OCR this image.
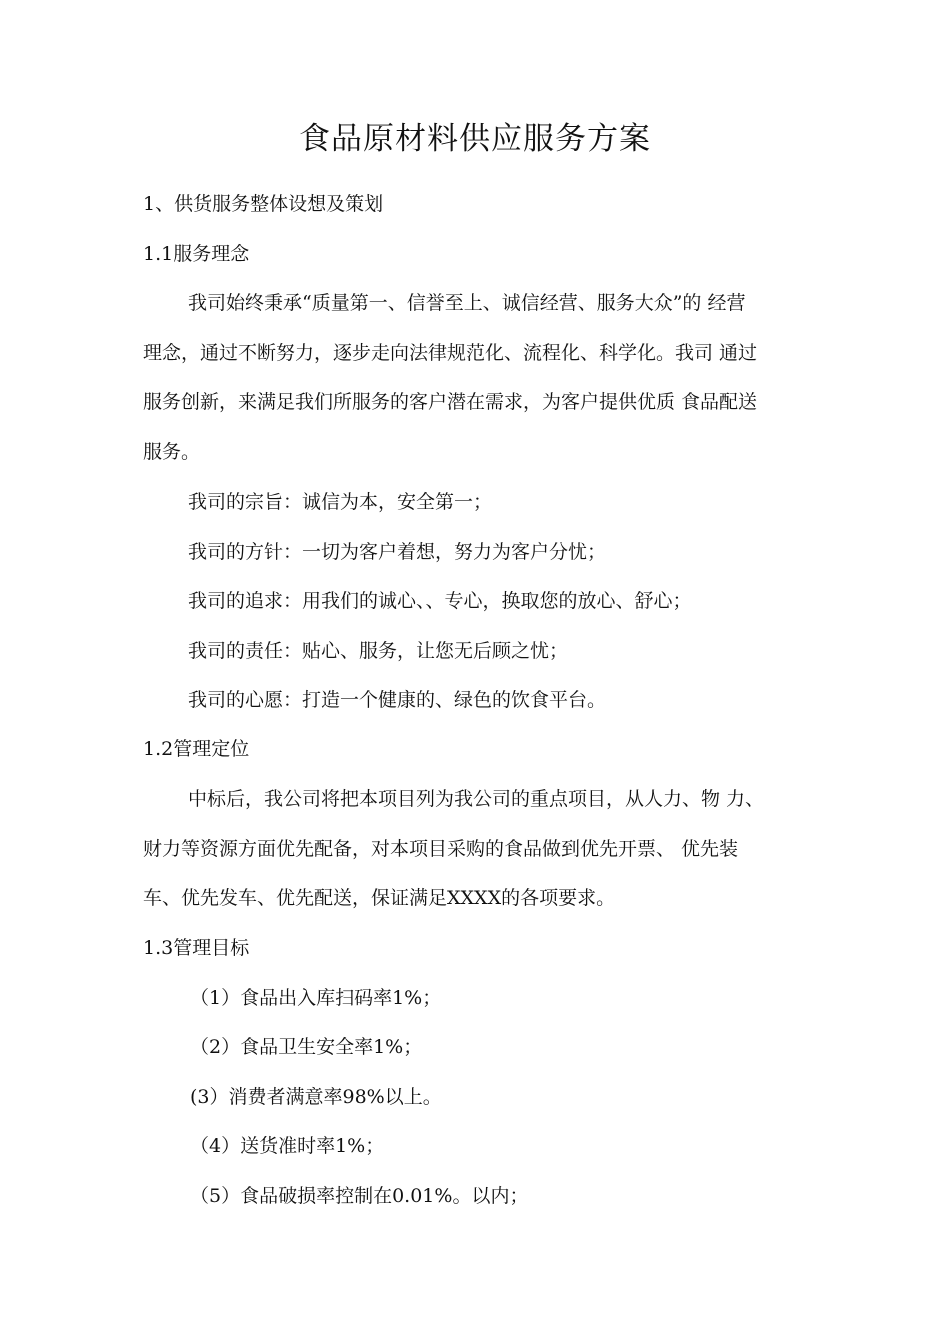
食品原材料供应服务方案
1、供货服务整体设想及策划
1.1服务理念
我司始终秉承“质量第一、信誉至上、诚信经营、服务大众”的 经营
理念，通过不断努力，逐步走向法律规范化、流程化、科学化。我司 通过
服务创新，来满足我们所服务的客户潜在需求，为客户提供优质 食品配送
服务。
我司的宗旨：诚信为本，安全第一；
我司的方针：一切为客户着想，努力为客户分忧；
我司的追求：用我们的诚心、、专心，换取您的放心、舒心；
我司的责任：贴心、服务，让您无后顾之忧；
我司的心愿：打造一个健康的、绿色的饮食平台。
1.2管理定位
中标后，我公司将把本项目列为我公司的重点项目，从人力、物 力、
财力等资源方面优先配备，对本项目采购的食品做到优先开票、 优先装
车、优先发车、优先配送，保证满足XXXX的各项要求。
1.3管理目标
（1）食品出入库扫码率1%；
（2）食品卫生安全率1%；
(3）消费者满意率98%以上。
（4）送货准时率1%；
（5）食品破损率控制在0.01%。以内；
